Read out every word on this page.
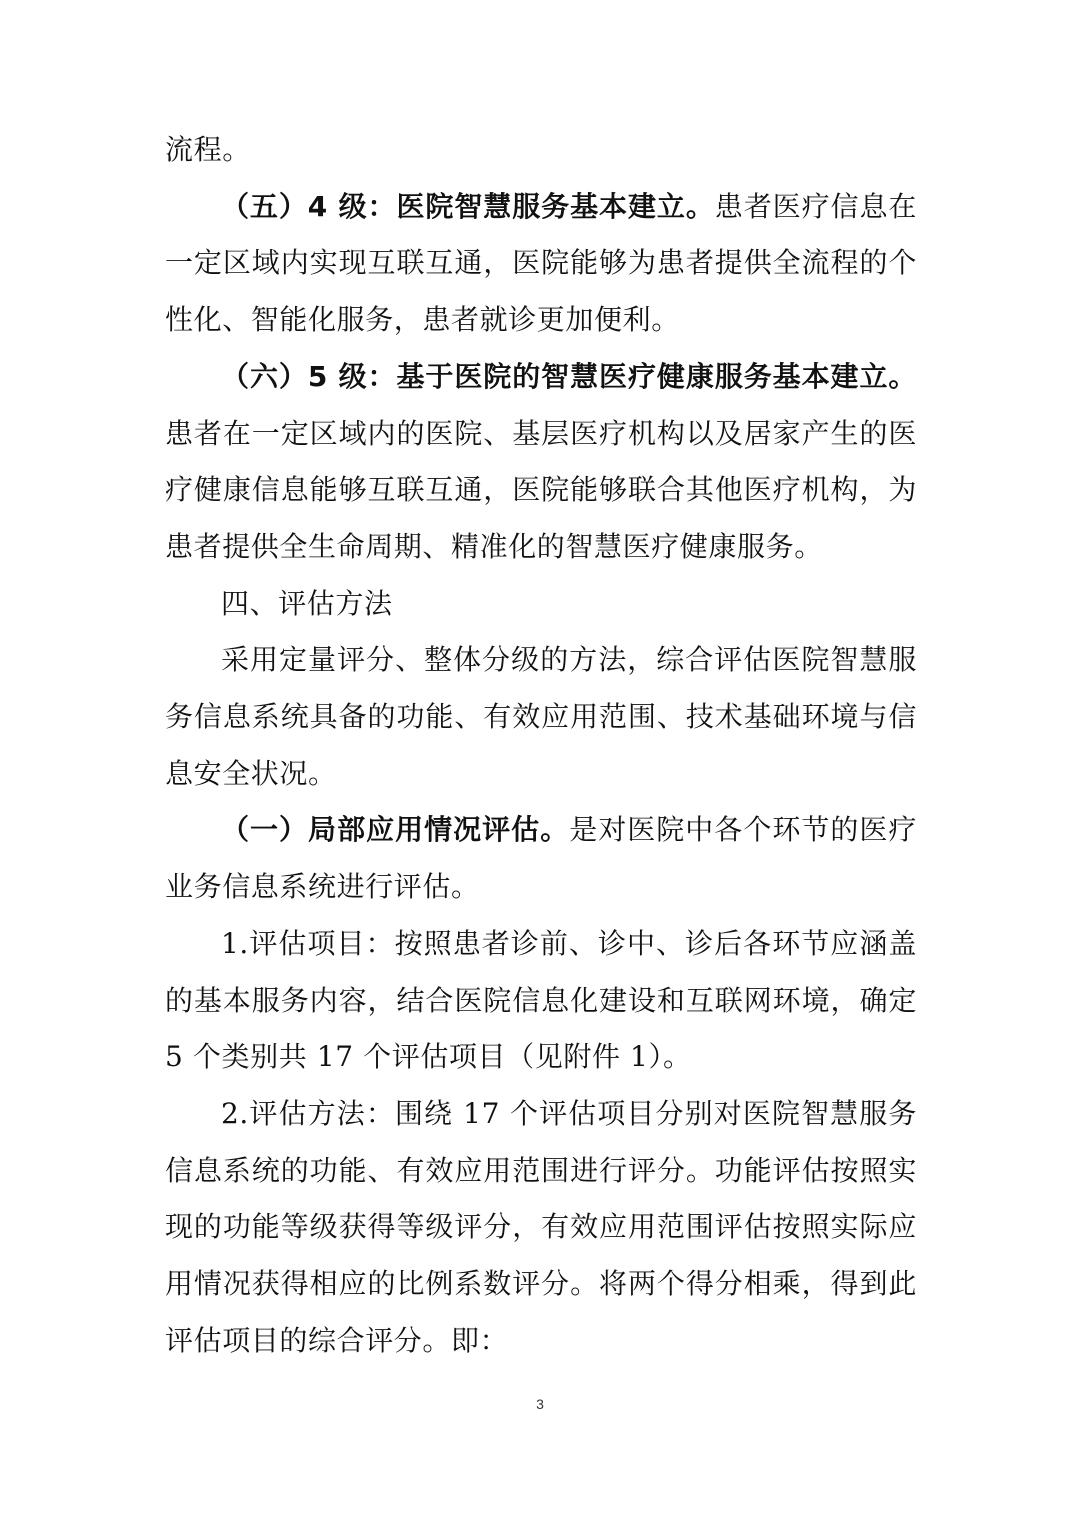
流程。

（五）4 级：医院智慧服务基本建立。患者医疗信息在一定区域内实现互联互通，医院能够为患者提供全流程的个性化、智能化服务，患者就诊更加便利。

（六）5 级：基于医院的智慧医疗健康服务基本建立。患者在一定区域内的医院、基层医疗机构以及居家产生的医疗健康信息能够互联互通，医院能够联合其他医疗机构，为患者提供全生命周期、精准化的智慧医疗健康服务。

四、评估方法

采用定量评分、整体分级的方法，综合评估医院智慧服务信息系统具备的功能、有效应用范围、技术基础环境与信息安全状况。

（一）局部应用情况评估。是对医院中各个环节的医疗业务信息系统进行评估。

1.评估项目：按照患者诊前、诊中、诊后各环节应涵盖的基本服务内容，结合医院信息化建设和互联网环境，确定 5 个类别共 17 个评估项目（见附件 1）。

2.评估方法：围绕 17 个评估项目分别对医院智慧服务信息系统的功能、有效应用范围进行评分。功能评估按照实现的功能等级获得等级评分，有效应用范围评估按照实际应用情况获得相应的比例系数评分。将两个得分相乘，得到此评估项目的综合评分。即：

3
